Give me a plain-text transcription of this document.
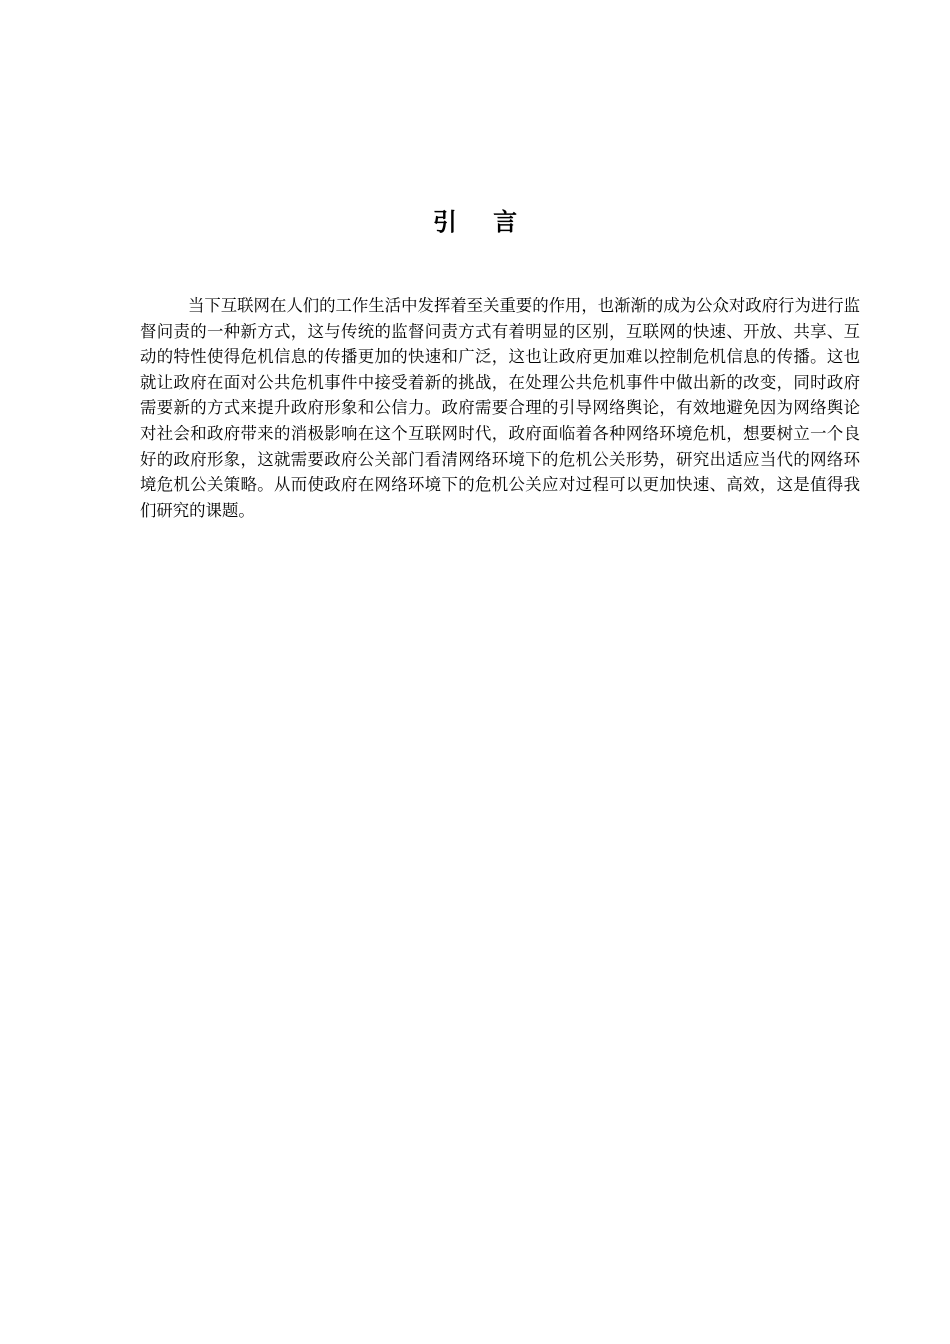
引 言

当下互联网在人们的工作生活中发挥着至关重要的作用，也渐渐的成为公众对政府行为进行监督问责的一种新方式，这与传统的监督问责方式有着明显的区别，互联网的快速、开放、共享、互动的特性使得危机信息的传播更加的快速和广泛，这也让政府更加难以控制危机信息的传播。这也就让政府在面对公共危机事件中接受着新的挑战，在处理公共危机事件中做出新的改变，同时政府需要新的方式来提升政府形象和公信力。政府需要合理的引导网络舆论，有效地避免因为网络舆论对社会和政府带来的消极影响在这个互联网时代，政府面临着各种网络环境危机，想要树立一个良好的政府形象，这就需要政府公关部门看清网络环境下的危机公关形势，研究出适应当代的网络环境危机公关策略。从而使政府在网络环境下的危机公关应对过程可以更加快速、高效，这是值得我们研究的课题。
